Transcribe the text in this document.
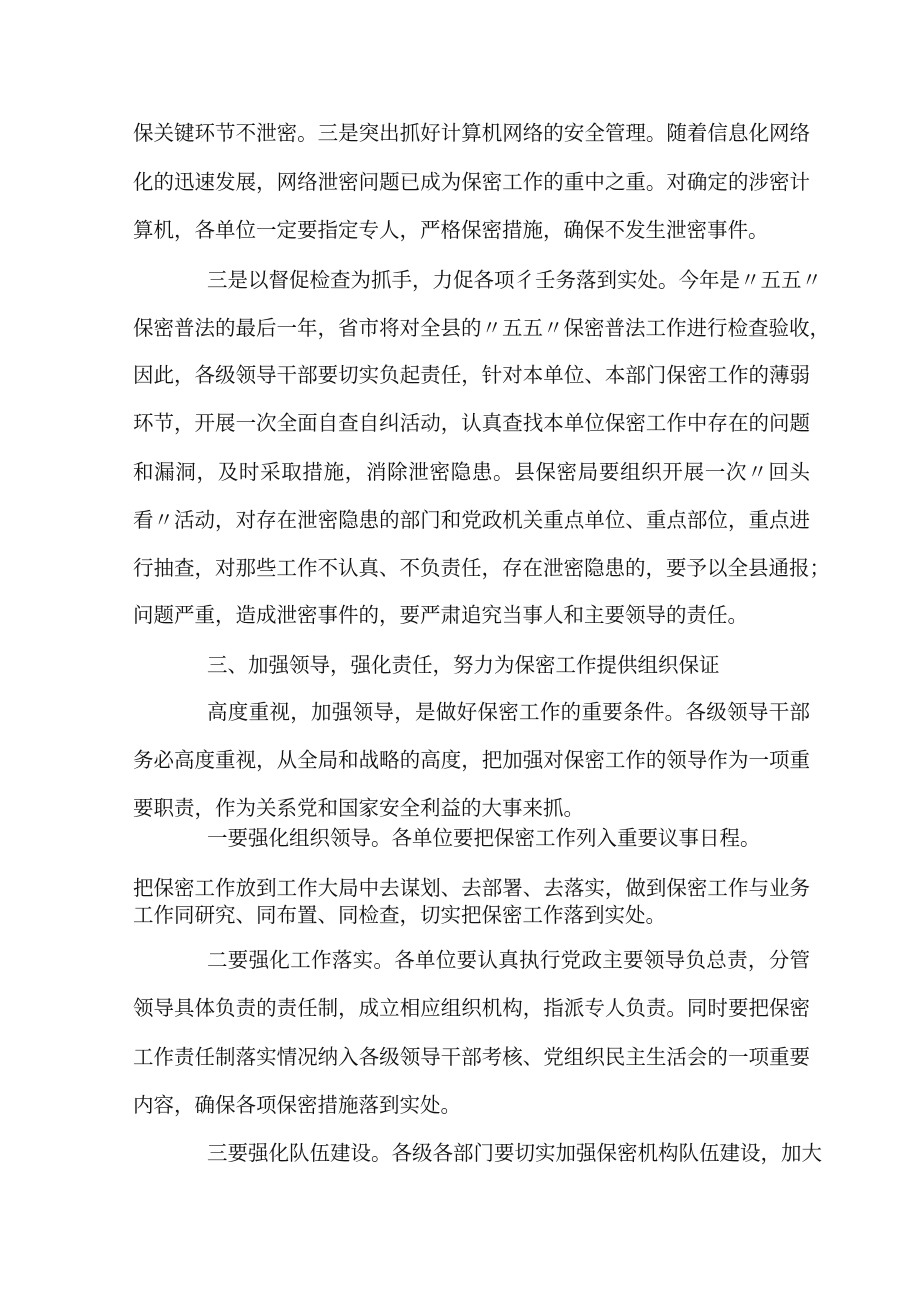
保关键环节不泄密。三是突出抓好计算机网络的安全管理。随着信息化网络
化的迅速发展，网络泄密问题已成为保密工作的重中之重。对确定的涉密计
算机，各单位一定要指定专人，严格保密措施，确保不发生泄密事件。
三是以督促检查为抓手，力促各项彳壬务落到实处。今年是〃五五〃
保密普法的最后一年，省市将对全县的〃五五〃保密普法工作进行检查验收，
因此，各级领导干部要切实负起责任，针对本单位、本部门保密工作的薄弱
环节，开展一次全面自查自纠活动，认真查找本单位保密工作中存在的问题
和漏洞，及时采取措施，消除泄密隐患。县保密局要组织开展一次〃回头
看〃活动，对存在泄密隐患的部门和党政机关重点单位、重点部位，重点进
行抽查，对那些工作不认真、不负责任，存在泄密隐患的，要予以全县通报；
问题严重，造成泄密事件的，要严肃追究当事人和主要领导的责任。
三、加强领导，强化责任，努力为保密工作提供组织保证
高度重视，加强领导，是做好保密工作的重要条件。各级领导干部
务必高度重视，从全局和战略的高度，把加强对保密工作的领导作为一项重
要职责，作为关系党和国家安全利益的大事来抓。
一要强化组织领导。各单位要把保密工作列入重要议事日程。
把保密工作放到工作大局中去谋划、去部署、去落实，做到保密工作与业务
工作同研究、同布置、同检查，切实把保密工作落到实处。
二要强化工作落实。各单位要认真执行党政主要领导负总责，分管
领导具体负责的责任制，成立相应组织机构，指派专人负责。同时要把保密
工作责任制落实情况纳入各级领导干部考核、党组织民主生活会的一项重要
内容，确保各项保密措施落到实处。
三要强化队伍建设。各级各部门要切实加强保密机构队伍建设，加大
